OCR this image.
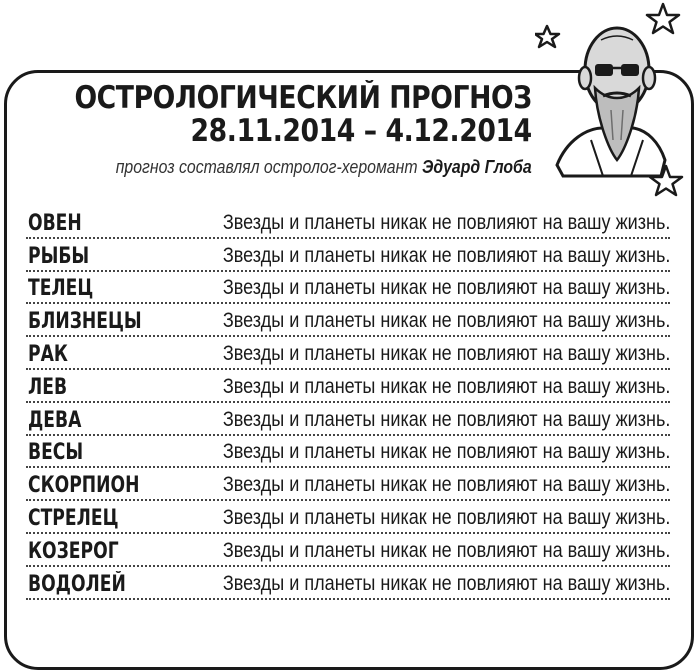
ОСТРОЛОГИЧЕСКИЙ ПРОГНОЗ
28.11.2014 – 4.12.2014
прогноз составлял остролог-херомант Эдуард Глоба
ОВЕН	Звезды и планеты никак не повлияют на вашу жизнь.
РЫБЫ	Звезды и планеты никак не повлияют на вашу жизнь.
ТЕЛЕЦ	Звезды и планеты никак не повлияют на вашу жизнь.
БЛИЗНЕЦЫ	Звезды и планеты никак не повлияют на вашу жизнь.
РАК	Звезды и планеты никак не повлияют на вашу жизнь.
ЛЕВ	Звезды и планеты никак не повлияют на вашу жизнь.
ДЕВА	Звезды и планеты никак не повлияют на вашу жизнь.
ВЕСЫ	Звезды и планеты никак не повлияют на вашу жизнь.
СКОРПИОН	Звезды и планеты никак не повлияют на вашу жизнь.
СТРЕЛЕЦ	Звезды и планеты никак не повлияют на вашу жизнь.
КОЗЕРОГ	Звезды и планеты никак не повлияют на вашу жизнь.
ВОДОЛЕЙ	Звезды и планеты никак не повлияют на вашу жизнь.
